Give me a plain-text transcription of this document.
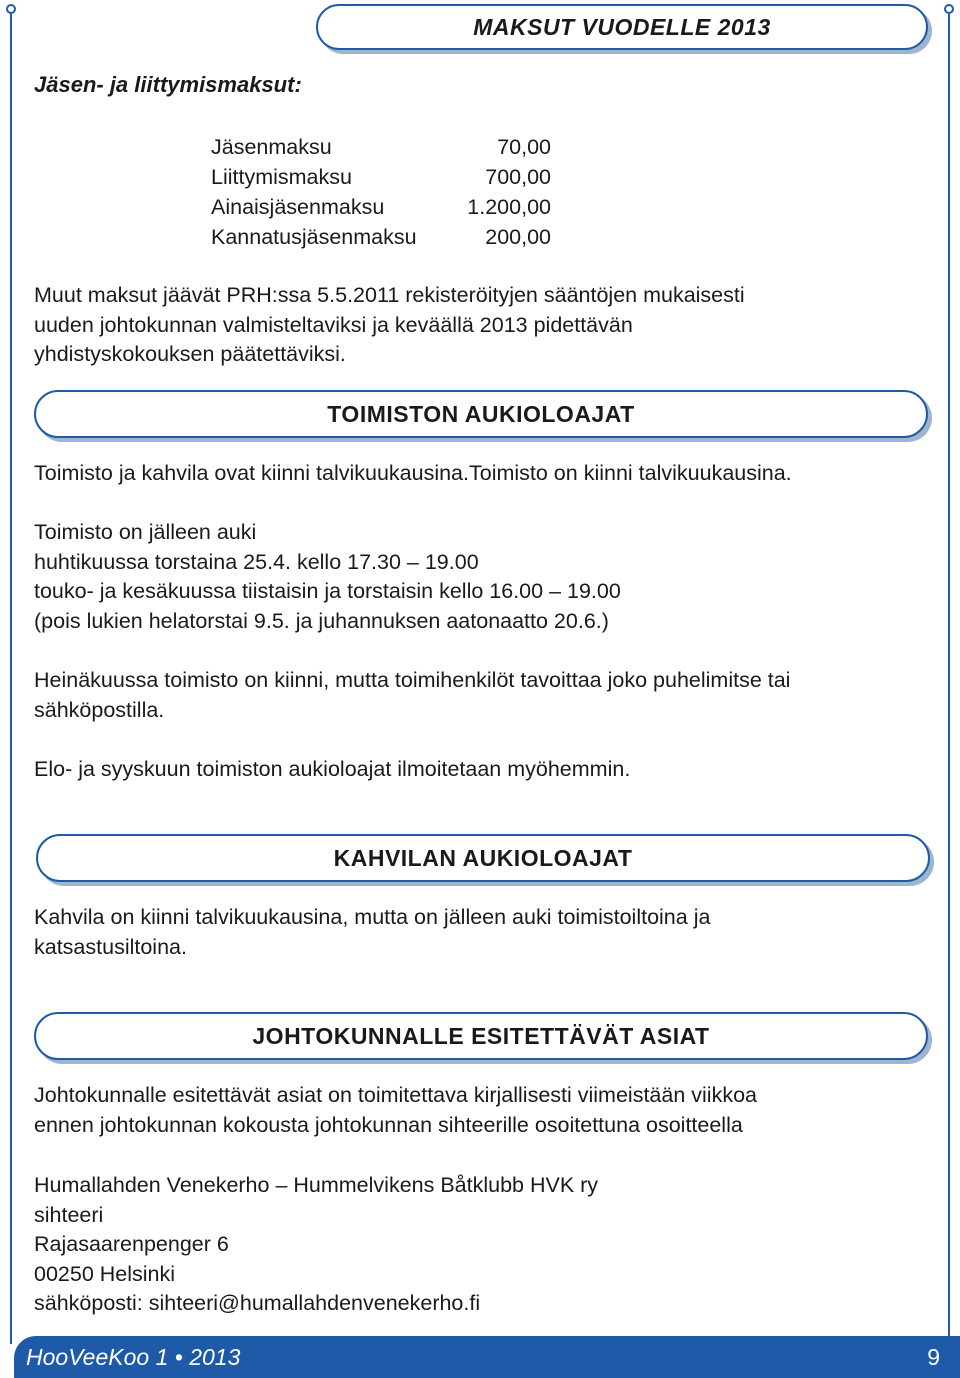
MAKSUT VUODELLE 2013
Jäsen- ja liittymismaksut:
Jäsenmaksu	70,00
Liittymismaksu	700,00
Ainaisjäsenmaksu	1.200,00
Kannatusjäsenmaksu	200,00
Muut maksut jäävät PRH:ssa 5.5.2011 rekisteröityjen sääntöjen mukaisesti
uuden johtokunnan valmisteltaviksi ja keväällä 2013 pidettävän
yhdistyskokouksen päätettäviksi.
TOIMISTON AUKIOLOAJAT
Toimisto ja kahvila ovat kiinni talvikuukausina.Toimisto on kiinni talvikuukausina.
Toimisto on jälleen auki
huhtikuussa torstaina 25.4. kello 17.30 – 19.00
touko- ja kesäkuussa tiistaisin ja torstaisin kello 16.00 – 19.00
(pois lukien helatorstai 9.5. ja juhannuksen aatonaatto 20.6.)
Heinäkuussa toimisto on kiinni, mutta toimihenkilöt tavoittaa joko puhelimitse tai
sähköpostilla.
Elo- ja syyskuun toimiston aukioloajat ilmoitetaan myöhemmin.
KAHVILAN AUKIOLOAJAT
Kahvila on kiinni talvikuukausina, mutta on jälleen auki toimistoiltoina ja
katsastusiltoina.
JOHTOKUNNALLE ESITETTÄVÄT ASIAT
Johtokunnalle esitettävät asiat on toimitettava kirjallisesti viimeistään viikkoa
ennen johtokunnan kokousta johtokunnan sihteerille osoitettuna osoitteella
Humallahden Venekerho – Hummelvikens Båtklubb HVK ry
sihteeri
Rajasaarenpenger 6
00250 Helsinki
sähköposti: sihteeri@humallahdenvenekerho.fi
HooVeeKoo 1 • 2013	9
